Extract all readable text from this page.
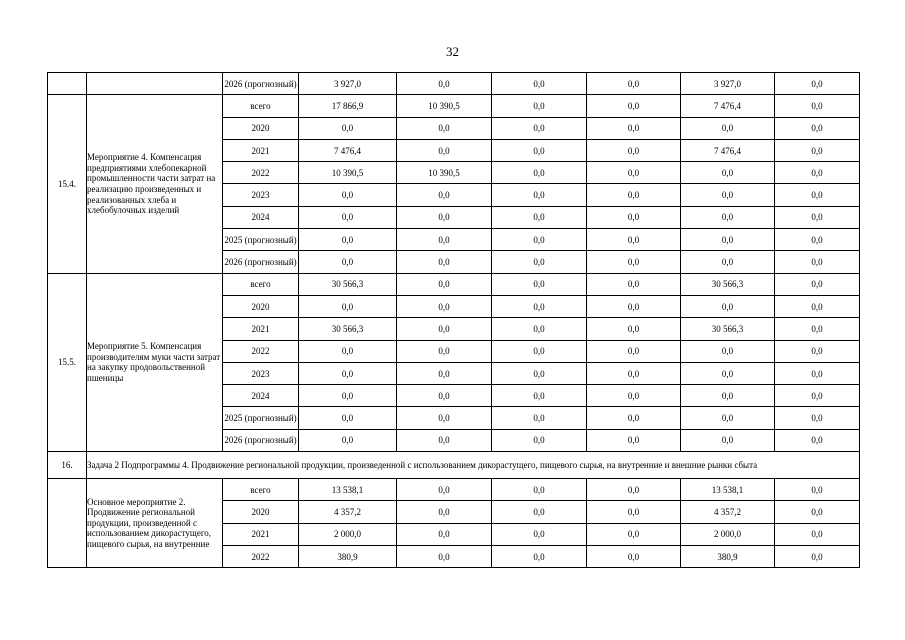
32
		2026 (прогнозный)	3 927,0	0,0	0,0	0,0	3 927,0	0,0
15.4.	Мероприятие 4. Компенсация предприятиями хлебопекарной промышленности части затрат на реализацию произведенных и реализованных хлеба и хлебобулочных изделий	всего	17 866,9	10 390,5	0,0	0,0	7 476,4	0,0
		2020	0,0	0,0	0,0	0,0	0,0	0,0
		2021	7 476,4	0,0	0,0	0,0	7 476,4	0,0
		2022	10 390,5	10 390,5	0,0	0,0	0,0	0,0
		2023	0,0	0,0	0,0	0,0	0,0	0,0
		2024	0,0	0,0	0,0	0,0	0,0	0,0
		2025 (прогнозный)	0,0	0,0	0,0	0,0	0,0	0,0
		2026 (прогнозный)	0,0	0,0	0,0	0,0	0,0	0,0
15.5.	Мероприятие 5. Компенсация производителям муки части затрат на закупку продовольственной пшеницы	всего	30 566,3	0,0	0,0	0,0	30 566,3	0,0
		2020	0,0	0,0	0,0	0,0	0,0	0,0
		2021	30 566,3	0,0	0,0	0,0	30 566,3	0,0
		2022	0,0	0,0	0,0	0,0	0,0	0,0
		2023	0,0	0,0	0,0	0,0	0,0	0,0
		2024	0,0	0,0	0,0	0,0	0,0	0,0
		2025 (прогнозный)	0,0	0,0	0,0	0,0	0,0	0,0
		2026 (прогнозный)	0,0	0,0	0,0	0,0	0,0	0,0
16.	Задача 2 Подпрограммы 4. Продвижение региональной продукции, произведенной с использованием дикорастущего, пищевого сырья, на внутренние и внешние рынки сбыта							
	Основное мероприятие 2. Продвижение региональной продукции, произведенной с использованием дикорастущего, пищевого сырья, на внутренние	всего	13 538,1	0,0	0,0	0,0	13 538,1	0,0
		2020	4 357,2	0,0	0,0	0,0	4 357,2	0,0
		2021	2 000,0	0,0	0,0	0,0	2 000,0	0,0
		2022	380,9	0,0	0,0	0,0	380,9	0,0
